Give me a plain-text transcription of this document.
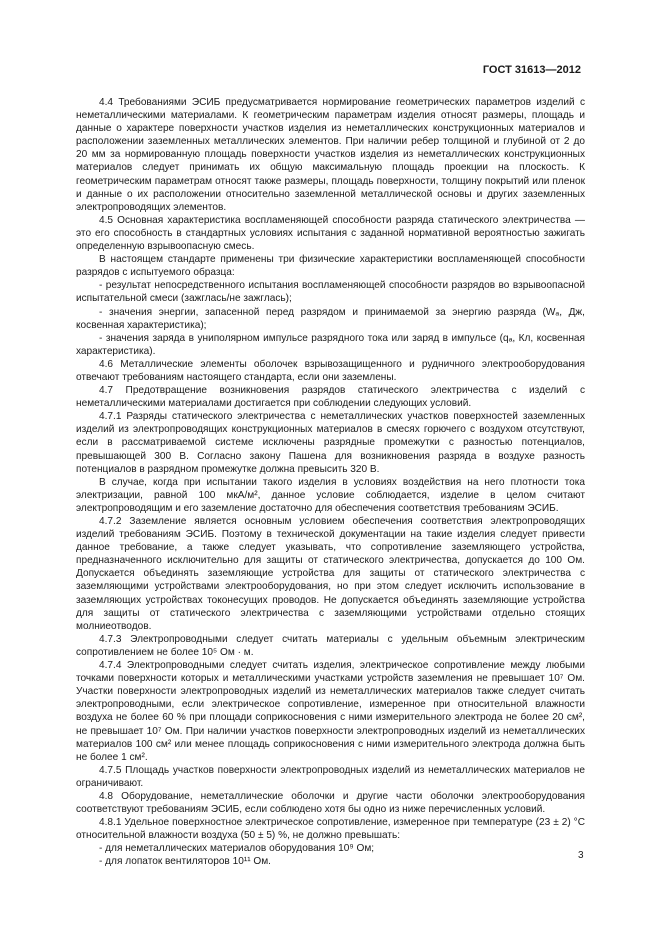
ГОСТ 31613—2012

4.4 Требованиями ЭСИБ предусматривается нормирование геометрических параметров изделий с неметаллическими материалами. К геометрическим параметрам изделия относят размеры, площадь и данные о характере поверхности участков изделия из неметаллических конструкционных материалов и расположении заземленных металлических элементов. При наличии ребер толщиной и глубиной от 2 до 20 мм за нормированную площадь поверхности участков изделия из неметаллических конструкционных материалов следует принимать их общую максимальную площадь проекции на плоскость. К геометрическим параметрам относят также размеры, площадь поверхности, толщину покрытий или пленок и данные о их расположении относительно заземленной металлической основы и других заземленных электропроводящих элементов.

4.5 Основная характеристика воспламеняющей способности разряда статического электричества — это его способность в стандартных условиях испытания с заданной нормативной вероятностью зажигать определенную взрывоопасную смесь.

В настоящем стандарте применены три физические характеристики воспламеняющей способности разрядов с испытуемого образца:

- результат непосредственного испытания воспламеняющей способности разрядов во взрывоопасной испытательной смеси (зажглась/не зажглась);

- значения энергии, запасенной перед разрядом и принимаемой за энергию разряда (Wₐ, Дж, косвенная характеристика);

- значения заряда в униполярном импульсе разрядного тока или заряд в импульсе (qₐ, Кл, косвенная характеристика).

4.6 Металлические элементы оболочек взрывозащищенного и рудничного электрооборудования отвечают требованиям настоящего стандарта, если они заземлены.

4.7 Предотвращение возникновения разрядов статического электричества с изделий с неметаллическими материалами достигается при соблюдении следующих условий.

4.7.1 Разряды статического электричества с неметаллических участков поверхностей заземленных изделий из электропроводящих конструкционных материалов в смесях горючего с воздухом отсутствуют, если в рассматриваемой системе исключены разрядные промежутки с разностью потенциалов, превышающей 300 В. Согласно закону Пашена для возникновения разряда в воздухе разность потенциалов в разрядном промежутке должна превысить 320 В.

В случае, когда при испытании такого изделия в условиях воздействия на него плотности тока электризации, равной 100 мкА/м², данное условие соблюдается, изделие в целом считают электропроводящим и его заземление достаточно для обеспечения соответствия требованиям ЭСИБ.

4.7.2 Заземление является основным условием обеспечения соответствия электропроводящих изделий требованиям ЭСИБ. Поэтому в технической документации на такие изделия следует привести данное требование, а также следует указывать, что сопротивление заземляющего устройства, предназначенного исключительно для защиты от статического электричества, допускается до 100 Ом. Допускается объединять заземляющие устройства для защиты от статического электричества с заземляющими устройствами электрооборудования, но при этом следует исключить использование в заземляющих устройствах токонесущих проводов. Не допускается объединять заземляющие устройства для защиты от статического электричества с заземляющими устройствами отдельно стоящих молниеотводов.

4.7.3 Электропроводными следует считать материалы с удельным объемным электрическим сопротивлением не более 10⁵ Ом · м.

4.7.4 Электропроводными следует считать изделия, электрическое сопротивление между любыми точками поверхности которых и металлическими участками устройств заземления не превышает 10⁷ Ом. Участки поверхности электропроводных изделий из неметаллических материалов также следует считать электропроводными, если электрическое сопротивление, измеренное при относительной влажности воздуха не более 60 % при площади соприкосновения с ними измерительного электрода не более 20 см², не превышает 10⁷ Ом. При наличии участков поверхности электропроводных изделий из неметаллических материалов 100 см² или менее площадь соприкосновения с ними измерительного электрода должна быть не более 1 см².

4.7.5 Площадь участков поверхности электропроводных изделий из неметаллических материалов не ограничивают.

4.8 Оборудование, неметаллические оболочки и другие части оболочки электрооборудования соответствуют требованиям ЭСИБ, если соблюдено хотя бы одно из ниже перечисленных условий.

4.8.1 Удельное поверхностное электрическое сопротивление, измеренное при температуре (23 ± 2) °С относительной влажности воздуха (50 ± 5) %, не должно превышать:

- для неметаллических материалов оборудования 10⁹ Ом;

- для лопаток вентиляторов 10¹¹ Ом.

3
